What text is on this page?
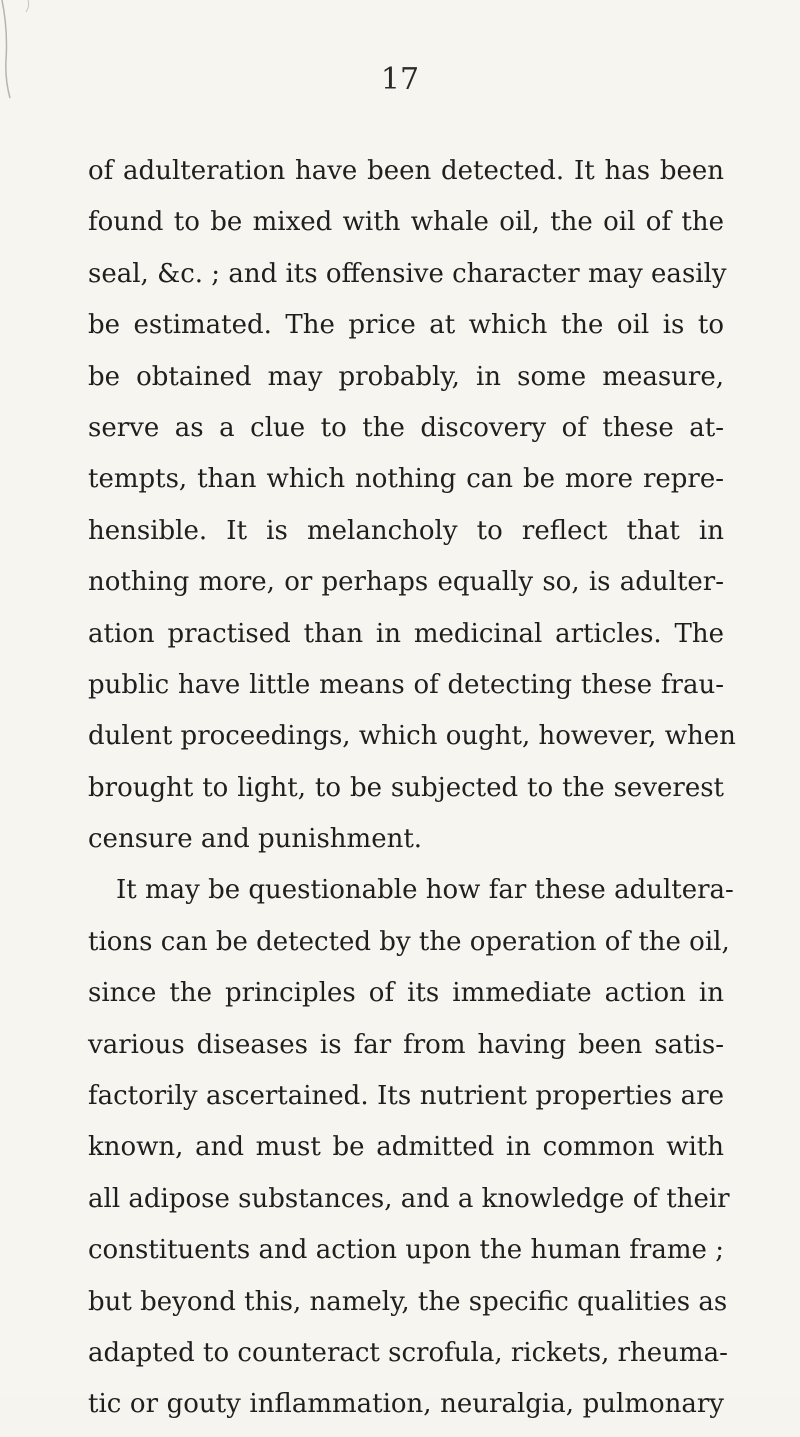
17
of adulteration have been detected. It has been
found to be mixed with whale oil, the oil of the
seal, &c. ; and its offensive character may easily
be estimated. The price at which the oil is to
be obtained may probably, in some measure,
serve as a clue to the discovery of these at-
tempts, than which nothing can be more repre-
hensible. It is melancholy to reflect that in
nothing more, or perhaps equally so, is adulter-
ation practised than in medicinal articles. The
public have little means of detecting these frau-
dulent proceedings, which ought, however, when
brought to light, to be subjected to the severest
censure and punishment.
It may be questionable how far these adultera-
tions can be detected by the operation of the oil,
since the principles of its immediate action in
various diseases is far from having been satis-
factorily ascertained. Its nutrient properties are
known, and must be admitted in common with
all adipose substances, and a knowledge of their
constituents and action upon the human frame ;
but beyond this, namely, the specific qualities as
adapted to counteract scrofula, rickets, rheuma-
tic or gouty inflammation, neuralgia, pulmonary
